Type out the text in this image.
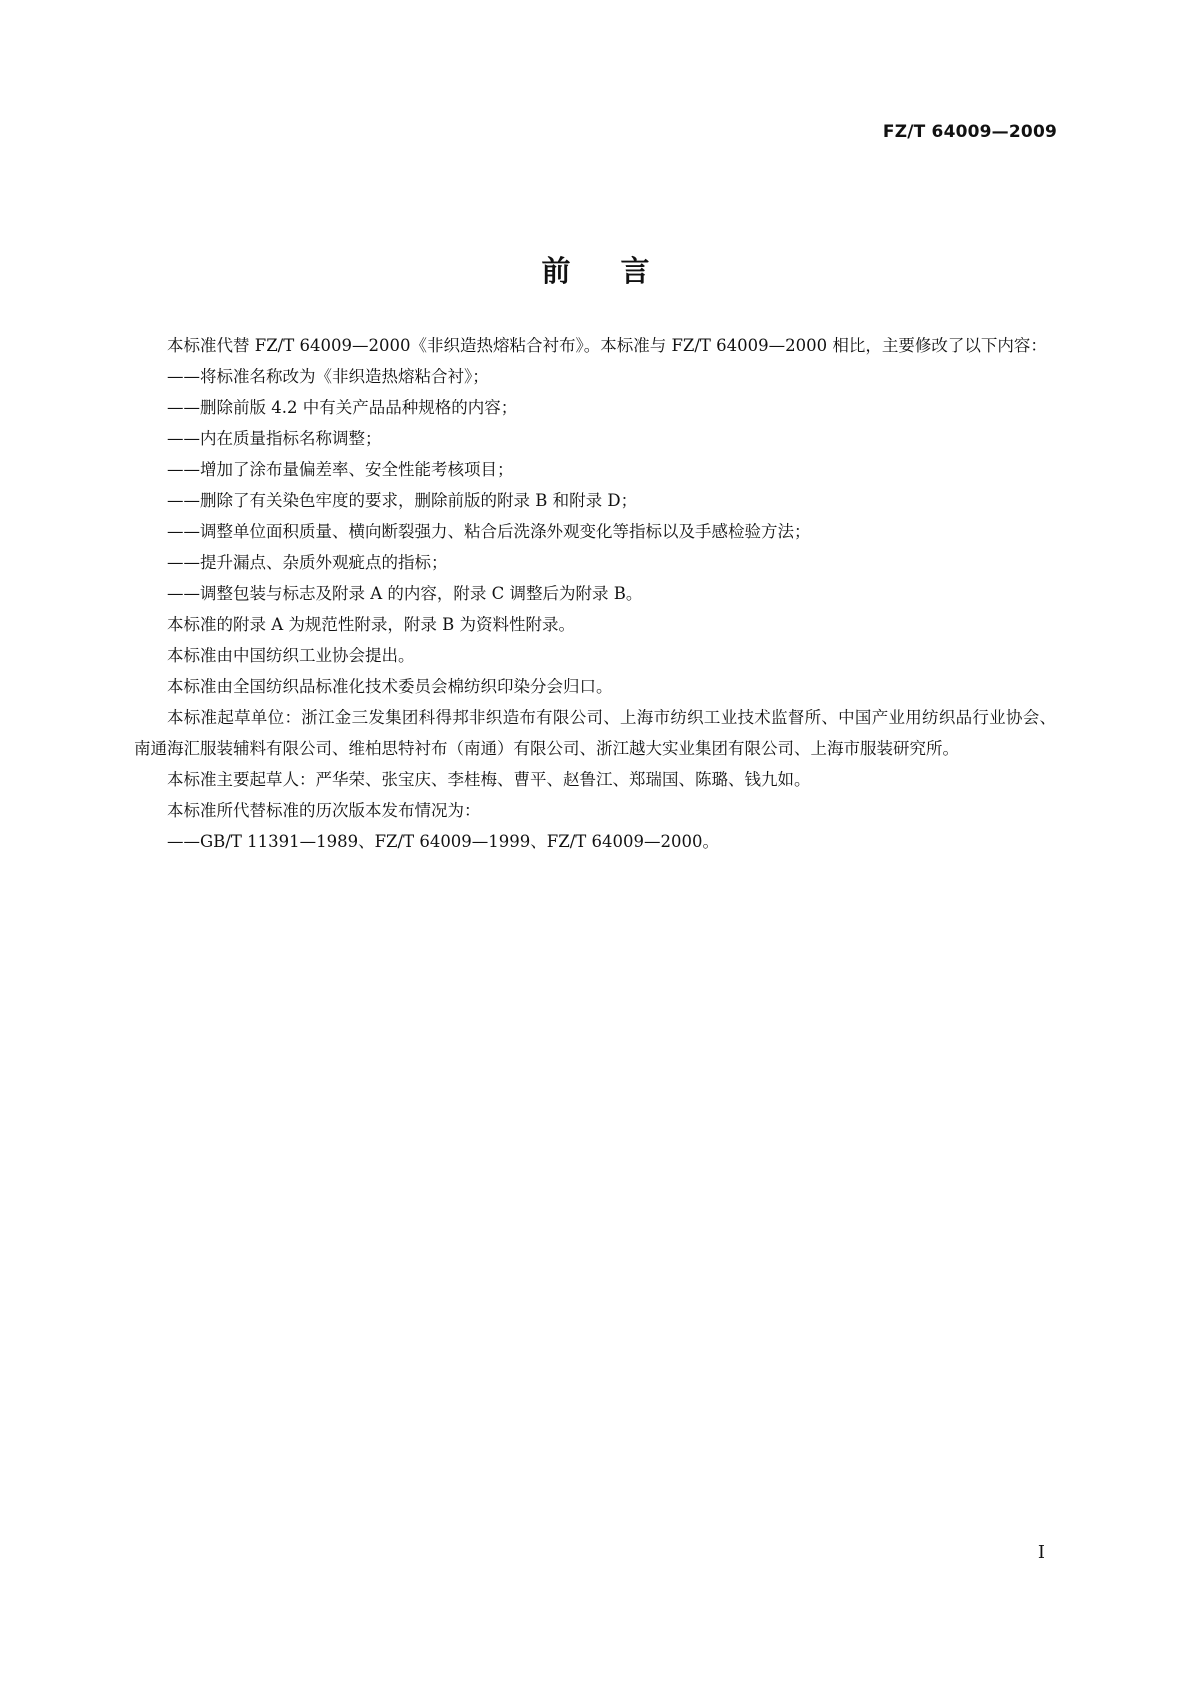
FZ/T 64009—2009
前言

本标准代替 FZ/T 64009—2000《非织造热熔粘合衬布》。本标准与 FZ/T 64009—2000 相比，主要修改了以下内容：

——将标准名称改为《非织造热熔粘合衬》；
——删除前版 4.2 中有关产品品种规格的内容；
——内在质量指标名称调整；
——增加了涂布量偏差率、安全性能考核项目；
——删除了有关染色牢度的要求，删除前版的附录 B 和附录 D；
——调整单位面积质量、横向断裂强力、粘合后洗涤外观变化等指标以及手感检验方法；
——提升漏点、杂质外观疵点的指标；
——调整包装与标志及附录 A 的内容，附录 C 调整后为附录 B。

本标准的附录 A 为规范性附录，附录 B 为资料性附录。

本标准由中国纺织工业协会提出。

本标准由全国纺织品标准化技术委员会棉纺织印染分会归口。

本标准起草单位：浙江金三发集团科得邦非织造布有限公司、上海市纺织工业技术监督所、中国产业用纺织品行业协会、南通海汇服装辅料有限公司、维柏思特衬布（南通）有限公司、浙江越大实业集团有限公司、上海市服装研究所。

本标准主要起草人：严华荣、张宝庆、李桂梅、曹平、赵鲁江、郑瑞国、陈璐、钱九如。

本标准所代替标准的历次版本发布情况为：

——GB/T 11391—1989、FZ/T 64009—1999、FZ/T 64009—2000。
I
